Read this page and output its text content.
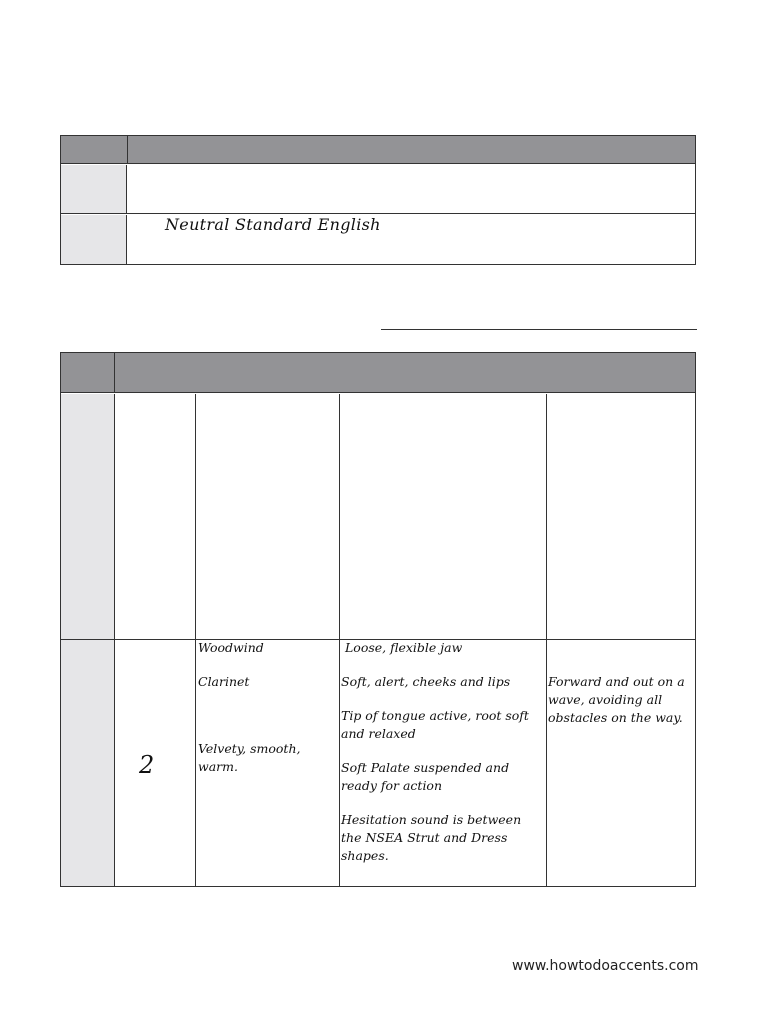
Neutral Standard English
2
Woodwind
Clarinet
Velvety, smooth, warm.
Loose, flexible jaw
Soft, alert, cheeks and lips
Tip of tongue active, root soft and relaxed
Soft Palate suspended and ready for action
Hesitation sound is between the NSEA Strut and Dress shapes.
Forward and out on a wave, avoiding all obstacles on the way.
www.howtodoaccents.com
